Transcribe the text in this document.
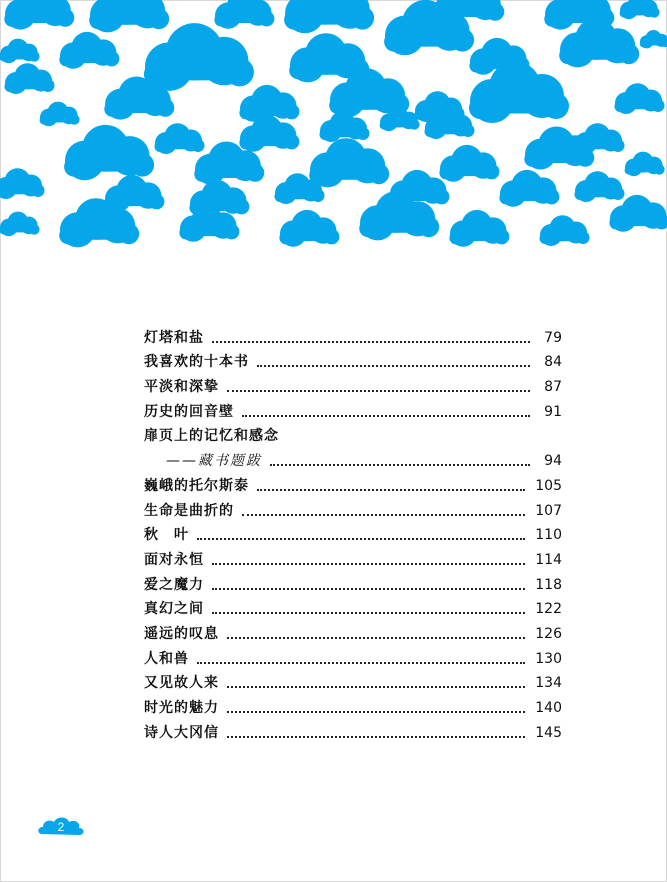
灯塔和盐	79
我喜欢的十本书	84
平淡和深挚	87
历史的回音壁	91
扉页上的记忆和感念
——藏书题跋	94
巍峨的托尔斯泰	105
生命是曲折的	107
秋　叶	110
面对永恒	114
爱之魔力	118
真幻之间	122
遥远的叹息	126
人和兽	130
又见故人来	134
时光的魅力	140
诗人大冈信	145
2
